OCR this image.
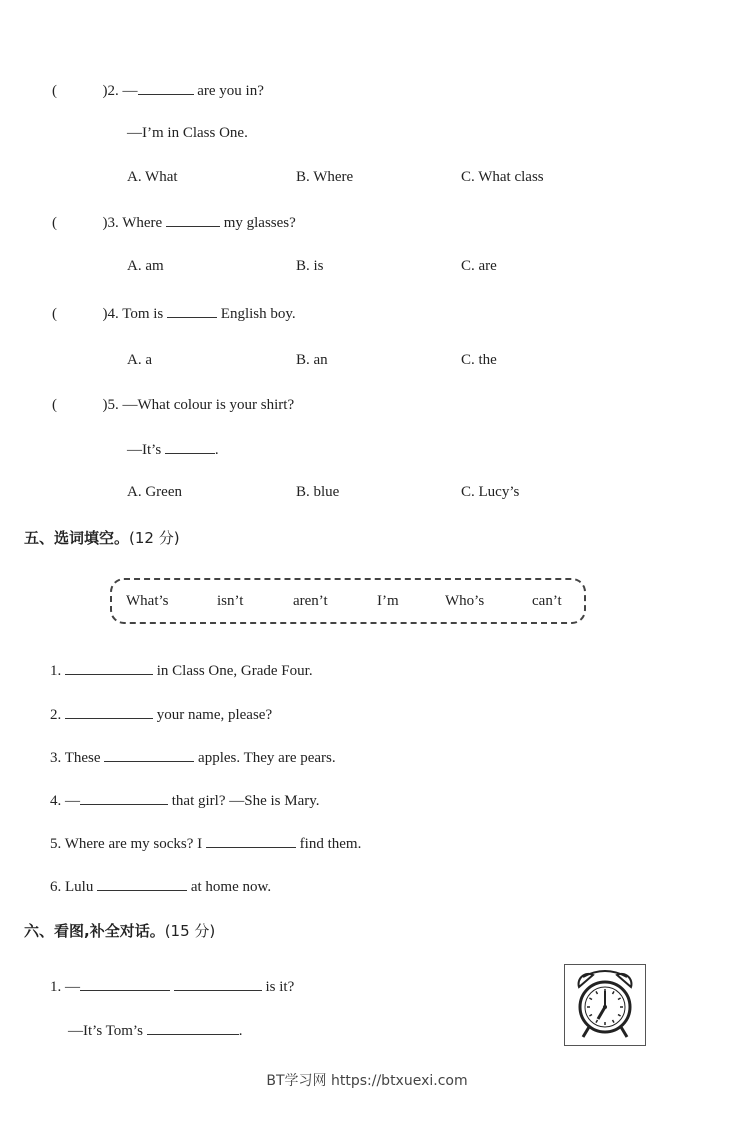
(	)2. —	are you in?
—I’m in Class One.
A. What	B. Where	C. What class
(	)3. Where	my glasses?
A. am	B. is	C. are
(	)4. Tom is	English boy.
A. a	B. an	C. the
(	)5. —What colour is your shirt?
—It’s	.
A. Green	B. blue	C. Lucy’s
五、选词填空。(12 分)
What’s	isn’t	aren’t	I’m	Who’s	can’t
1.	in Class One, Grade Four.
2.	your name, please?
3. These	apples. They are pears.
4. —	that girl? —She is Mary.
5. Where are my socks? I	find them.
6. Lulu	at home now.
六、看图,补全对话。(15 分)
1. —	is it?
—It’s Tom’s	.
BT学习网 https://btxuexi.com
